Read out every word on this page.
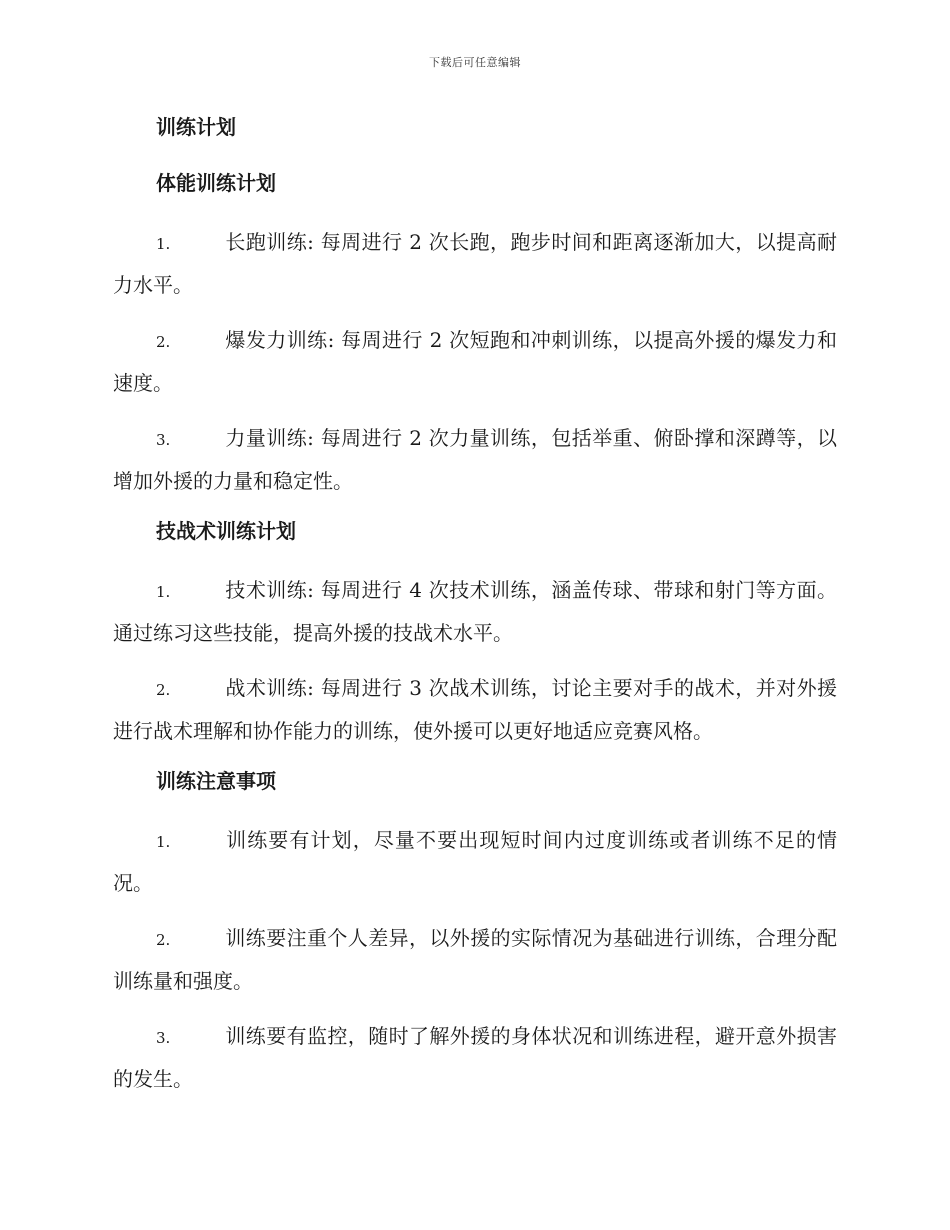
下载后可任意编辑
训练计划
体能训练计划
1.	长跑训练: 每周进行 2 次长跑，跑步时间和距离逐渐加大，以提高耐力水平。
2.	爆发力训练: 每周进行 2 次短跑和冲刺训练，以提高外援的爆发力和速度。
3.	力量训练: 每周进行 2 次力量训练，包括举重、俯卧撑和深蹲等，以增加外援的力量和稳定性。
技战术训练计划
1.	技术训练: 每周进行 4 次技术训练，涵盖传球、带球和射门等方面。通过练习这些技能，提高外援的技战术水平。
2.	战术训练: 每周进行 3 次战术训练，讨论主要对手的战术，并对外援进行战术理解和协作能力的训练，使外援可以更好地适应竞赛风格。
训练注意事项
1.	训练要有计划，尽量不要出现短时间内过度训练或者训练不足的情况。
2.	训练要注重个人差异，以外援的实际情况为基础进行训练，合理分配训练量和强度。
3.	训练要有监控，随时了解外援的身体状况和训练进程，避开意外损害的发生。
